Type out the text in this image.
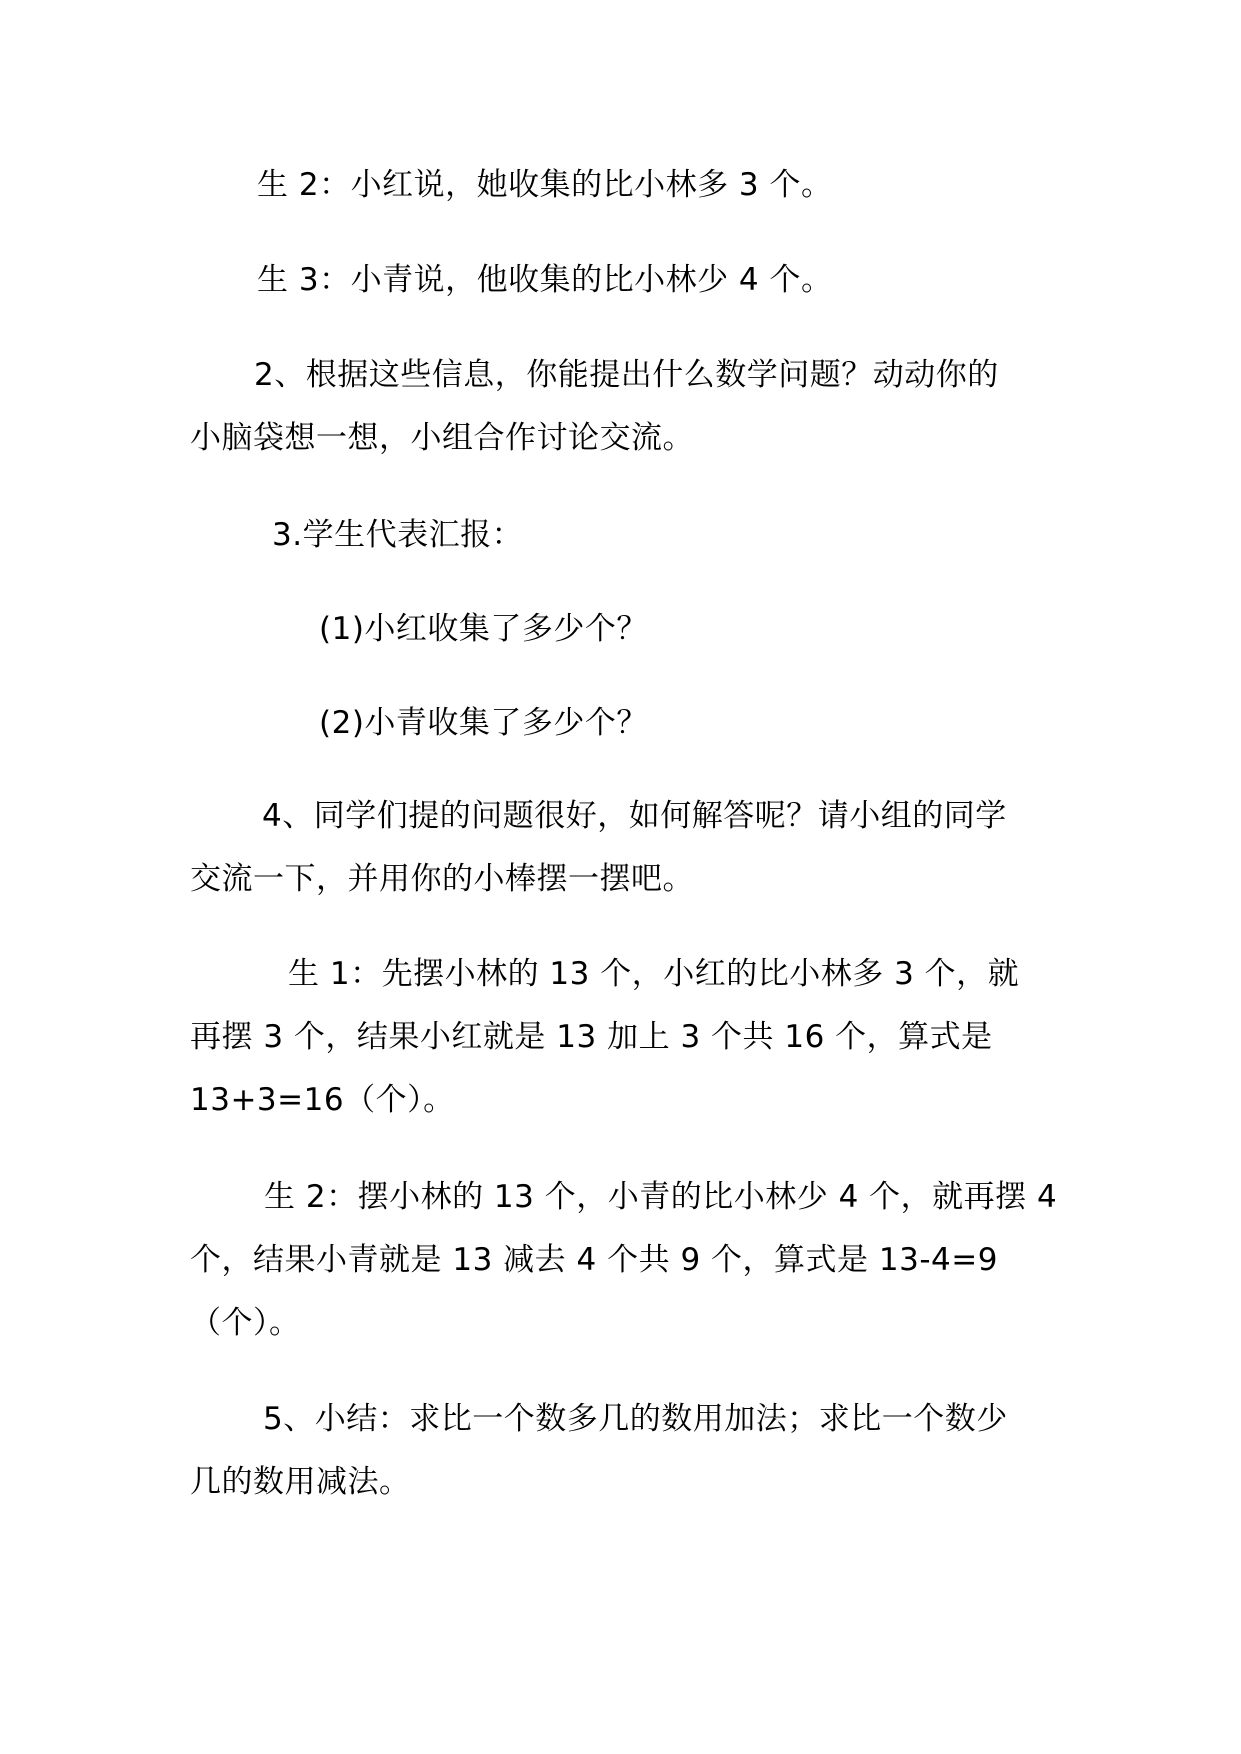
生 2：小红说，她收集的比小林多 3 个。
生 3：小青说，他收集的比小林少 4 个。
2、根据这些信息，你能提出什么数学问题？动动你的
小脑袋想一想，小组合作讨论交流。
3.学生代表汇报：
(1)小红收集了多少个？
(2)小青收集了多少个？
4、同学们提的问题很好，如何解答呢？请小组的同学
交流一下，并用你的小棒摆一摆吧。
生 1：先摆小林的 13 个，小红的比小林多 3 个，就
再摆 3 个，结果小红就是 13 加上 3 个共 16 个，算式是
13+3=16（个）。
生 2：摆小林的 13 个，小青的比小林少 4 个，就再摆 4
个，结果小青就是 13 减去 4 个共 9 个，算式是 13-4=9
（个）。
5、小结：求比一个数多几的数用加法；求比一个数少
几的数用减法。
